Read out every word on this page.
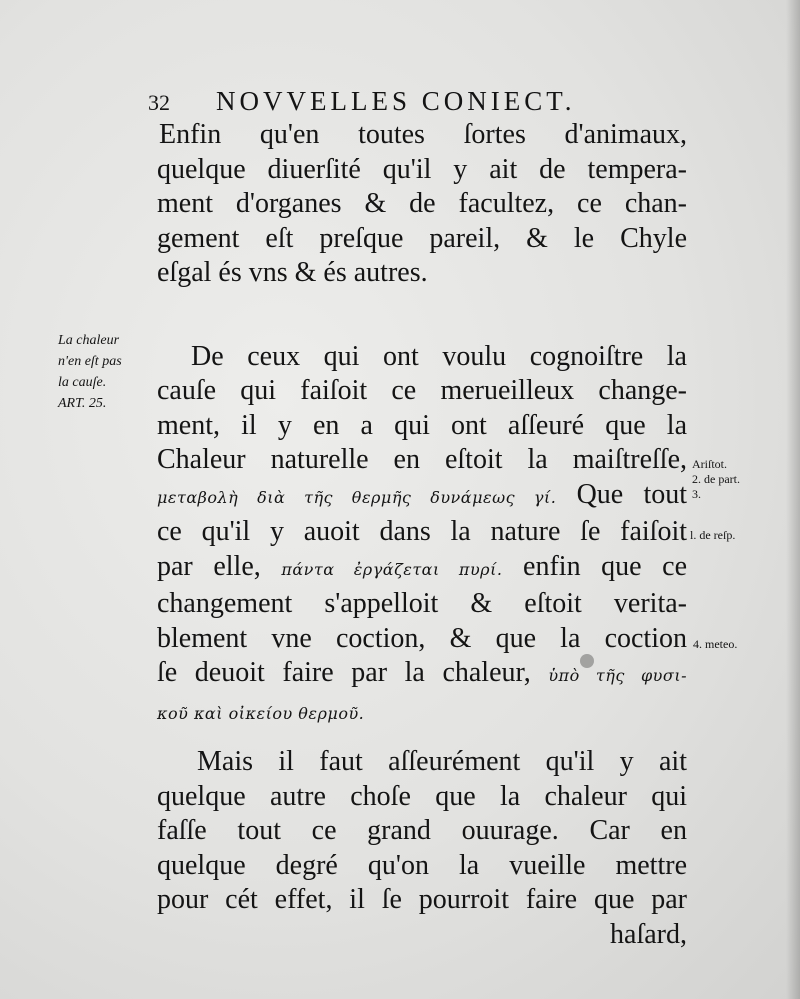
32 NOVVELLES CONIECT.

Enfin qu'en toutes ſortes d'animaux,
quelque diuerſité qu'il y ait de tempera-
ment d'organes & de facultez, ce chan-
gement eſt preſque pareil, & le Chyle
eſgal és vns & és autres.

De ceux qui ont voulu cognoiſtre la
cauſe qui faiſoit ce merueilleux change-
ment, il y en a qui ont aſſeuré que la
Chaleur naturelle en eſtoit la maiſtreſſe,
μεταβολὴ διὰ τῆς θερμῆς δυνάμεως γί. Que tout
ce qu'il y auoit dans la nature ſe faiſoit
par elle, πάντα ἐργάζεται πυρί. enfin que ce
changement s'appelloit & eſtoit verita-
blement vne coction, & que la coction
ſe deuoit faire par la chaleur, ὑπὸ τῆς φυσι-
κοῦ καὶ οἰκείου θερμοῦ.

Mais il faut aſſeurément qu'il y ait
quelque autre choſe que la chaleur qui
faſſe tout ce grand ouurage. Car en
quelque degré qu'on la vueille mettre
pour cét effet, il ſe pourroit faire que par
haſard,

La chaleur
n'en eſt pas
la cauſe.
ART. 25.
Ariſtot.
2. de part.
3.
l. de reſp.
4. meteo.
